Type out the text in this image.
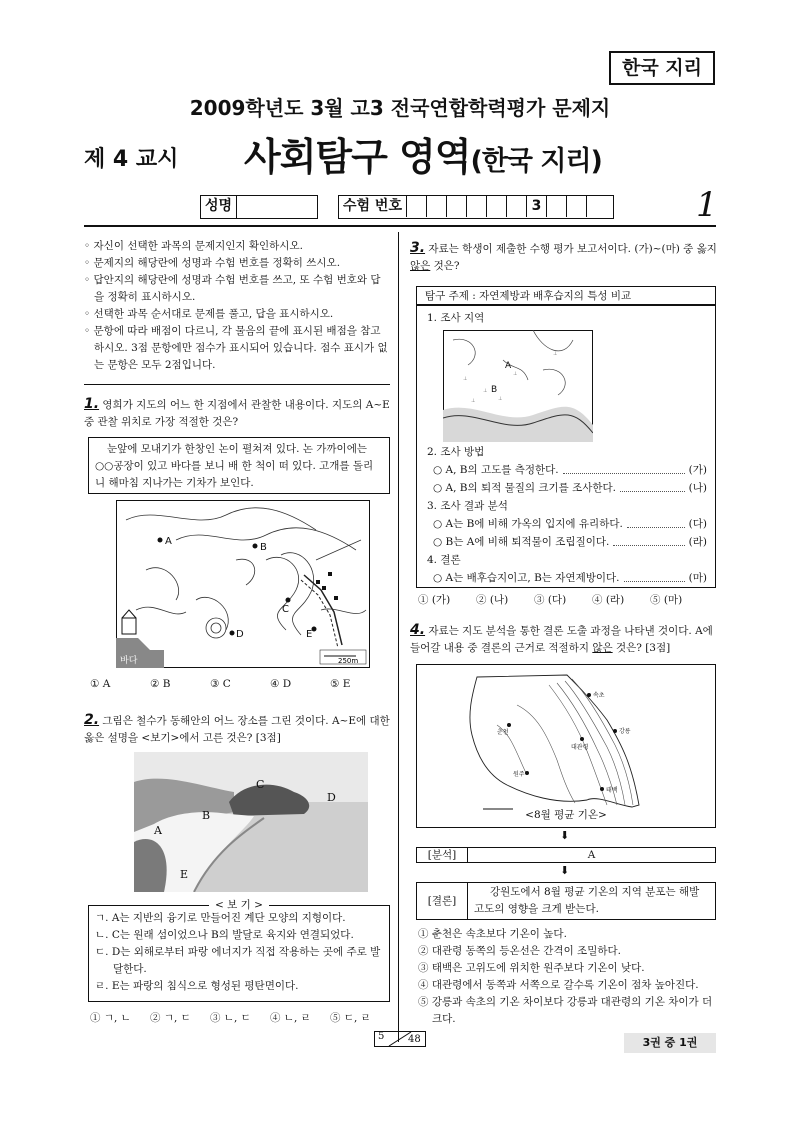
한국 지리
2009학년도 3월 고3 전국연합학력평가 문제지
제 4 교시 사회탐구 영역(한국 지리)
성명	수험 번호	3	1

◦ 자신이 선택한 과목의 문제지인지 확인하시오.

◦ 문제지의 해당란에 성명과 수험 번호를 정확히 쓰시오.

◦ 답안지의 해당란에 성명과 수험 번호를 쓰고, 또 수험 번호와 답을 정확히 표시하시오.

◦ 선택한 과목 순서대로 문제를 풀고, 답을 표시하시오.

◦ 문항에 따라 배점이 다르니, 각 물음의 끝에 표시된 배점을 참고하시오. 3점 문항에만 점수가 표시되어 있습니다. 점수 표시가 없는 문항은 모두 2점입니다.

1. 영희가 지도의 어느 한 지점에서 관찰한 내용이다. 지도의 A~E 중 관찰 위치로 가장 적절한 것은?
눈앞에 모내기가 한창인 논이 펼쳐져 있다. 논 가까이에는 ○○공장이 있고 바다를 보니 배 한 척이 떠 있다. 고개를 돌리니 해마침 지나가는 기차가 보인다.
바다
A
B
C
D	E
250m
① A	② B	③ C	④ D	⑤ E
2. 그림은 철수가 동해안의 어느 장소를 그린 것이다. A~E에 대한 옳은 설명을 <보기>에서 고른 것은? [3점]
A
B
C
D
E
< 보 기 >
ㄱ. A는 지반의 융기로 만들어진 계단 모양의 지형이다.
ㄴ. C는 원래 섬이었으나 B의 발달로 육지와 연결되었다.
ㄷ. D는 외해로부터 파랑 에너지가 직접 작용하는 곳에 주로 발달한다.
ㄹ. E는 파랑의 침식으로 형성된 평탄면이다.
① ㄱ, ㄴ	② ㄱ, ㄷ	③ ㄴ, ㄷ	④ ㄴ, ㄹ	⑤ ㄷ, ㄹ
3. 자료는 학생이 제출한 수행 평가 보고서이다. (가)~(마) 중 옳지 않은 것은?
탐구 주제 : 자연제방과 배후습지의 특성 비교
1. 조사 지역
⊥
⊥
⊥
⊥	⊥
⊥
A
B
2. 조사 방법
○ A, B의 고도를 측정한다.	(가)
○ A, B의 퇴적 물질의 크기를 조사한다.	(나)
3. 조사 결과 분석
○ A는 B에 비해 가옥의 입지에 유리하다.	(다)
○ B는 A에 비해 퇴적물이 조립질이다.	(라)
4. 결론
○ A는 배후습지이고, B는 자연제방이다.	(마)
① (가)	② (나)	③ (다)	④ (라)	⑤ (마)
4. 자료는 지도 분석을 통한 결론 도출 과정을 나타낸 것이다. A에 들어갈 내용 중 결론의 근거로 적절하지 않은 것은? [3점]
속초
춘천	강릉
대관령
원주
태백
<8월 평균 기온>
⬇
[분석]	A
⬇
[결론]
강원도에서 8월 평균 기온의 지역 분포는 해발고도의 영향을 크게 받는다.
① 춘천은 속초보다 기온이 높다.
② 대관령 동쪽의 등온선은 간격이 조밀하다.
③ 태백은 고위도에 위치한 원주보다 기온이 낮다.
④ 대관령에서 동쪽과 서쪽으로 갈수록 기온이 점차 높아진다.
⑤ 강릉과 속초의 기온 차이보다 강릉과 대관령의 기온 차이가 더 크다.
5 48	3권 중 1권
